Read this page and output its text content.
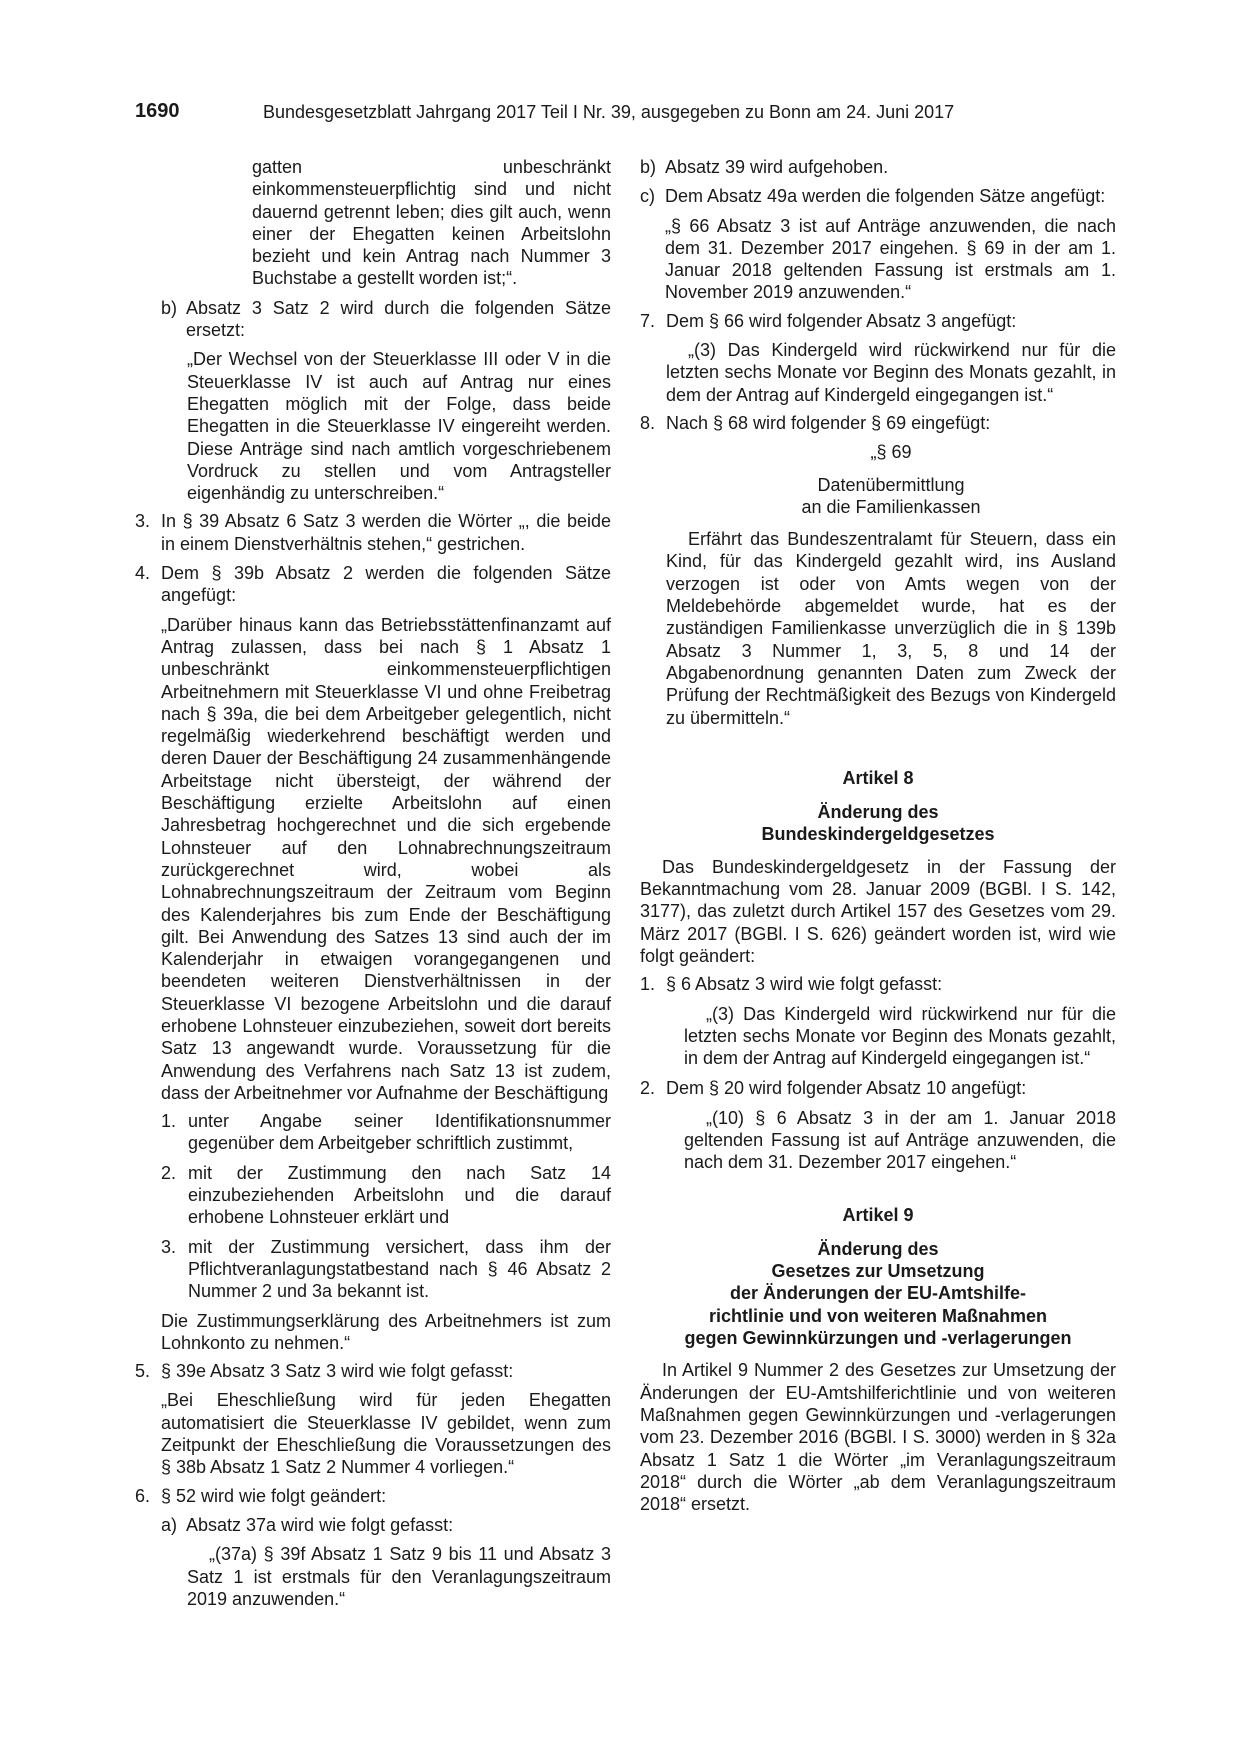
1690	Bundesgesetzblatt Jahrgang 2017 Teil I Nr. 39, ausgegeben zu Bonn am 24. Juni 2017

gatten unbeschränkt einkommensteuerpflichtig sind und nicht dauernd getrennt leben; dies gilt auch, wenn einer der Ehegatten keinen Arbeitslohn bezieht und kein Antrag nach Nummer 3 Buchstabe a gestellt worden ist;“.

b) Absatz 3 Satz 2 wird durch die folgenden Sätze ersetzt:

„Der Wechsel von der Steuerklasse III oder V in die Steuerklasse IV ist auch auf Antrag nur eines Ehegatten möglich mit der Folge, dass beide Ehegatten in die Steuerklasse IV eingereiht werden. Diese Anträge sind nach amtlich vorgeschriebenem Vordruck zu stellen und vom Antragsteller eigenhändig zu unterschreiben.“

3. In § 39 Absatz 6 Satz 3 werden die Wörter „, die beide in einem Dienstverhältnis stehen,“ gestrichen.
4. Dem § 39b Absatz 2 werden die folgenden Sätze angefügt:

„Darüber hinaus kann das Betriebsstättenfinanzamt auf Antrag zulassen, dass bei nach § 1 Absatz 1 unbeschränkt einkommensteuerpflichtigen Arbeitnehmern mit Steuerklasse VI und ohne Freibetrag nach § 39a, die bei dem Arbeitgeber gelegentlich, nicht regelmäßig wiederkehrend beschäftigt werden und deren Dauer der Beschäftigung 24 zusammenhängende Arbeitstage nicht übersteigt, der während der Beschäftigung erzielte Arbeitslohn auf einen Jahresbetrag hochgerechnet und die sich ergebende Lohnsteuer auf den Lohnabrechnungszeitraum zurückgerechnet wird, wobei als Lohnabrechnungszeitraum der Zeitraum vom Beginn des Kalenderjahres bis zum Ende der Beschäftigung gilt. Bei Anwendung des Satzes 13 sind auch der im Kalenderjahr in etwaigen vorangegangenen und beendeten weiteren Dienstverhältnissen in der Steuerklasse VI bezogene Arbeitslohn und die darauf erhobene Lohnsteuer einzubeziehen, soweit dort bereits Satz 13 angewandt wurde. Voraussetzung für die Anwendung des Verfahrens nach Satz 13 ist zudem, dass der Arbeitnehmer vor Aufnahme der Beschäftigung

1. unter Angabe seiner Identifikationsnummer gegenüber dem Arbeitgeber schriftlich zustimmt,
2. mit der Zustimmung den nach Satz 14 einzubeziehenden Arbeitslohn und die darauf erhobene Lohnsteuer erklärt und
3. mit der Zustimmung versichert, dass ihm der Pflichtveranlagungstatbestand nach § 46 Absatz 2 Nummer 2 und 3a bekannt ist.

Die Zustimmungserklärung des Arbeitnehmers ist zum Lohnkonto zu nehmen.“

5. § 39e Absatz 3 Satz 3 wird wie folgt gefasst:

„Bei Eheschließung wird für jeden Ehegatten automatisiert die Steuerklasse IV gebildet, wenn zum Zeitpunkt der Eheschließung die Voraussetzungen des § 38b Absatz 1 Satz 2 Nummer 4 vorliegen.“

6. § 52 wird wie folgt geändert:
a) Absatz 37a wird wie folgt gefasst:

„(37a) § 39f Absatz 1 Satz 9 bis 11 und Absatz 3 Satz 1 ist erstmals für den Veranlagungszeitraum 2019 anzuwenden.“

b) Absatz 39 wird aufgehoben.
c) Dem Absatz 49a werden die folgenden Sätze angefügt:

„§ 66 Absatz 3 ist auf Anträge anzuwenden, die nach dem 31. Dezember 2017 eingehen. § 69 in der am 1. Januar 2018 geltenden Fassung ist erstmals am 1. November 2019 anzuwenden.“

7. Dem § 66 wird folgender Absatz 3 angefügt:

„(3) Das Kindergeld wird rückwirkend nur für die letzten sechs Monate vor Beginn des Monats gezahlt, in dem der Antrag auf Kindergeld eingegangen ist.“

8. Nach § 68 wird folgender § 69 eingefügt:

„§ 69

Datenübermittlung

an die Familienkassen

Erfährt das Bundeszentralamt für Steuern, dass ein Kind, für das Kindergeld gezahlt wird, ins Ausland verzogen ist oder von Amts wegen von der Meldebehörde abgemeldet wurde, hat es der zuständigen Familienkasse unverzüglich die in § 139b Absatz 3 Nummer 1, 3, 5, 8 und 14 der Abgabenordnung genannten Daten zum Zweck der Prüfung der Rechtmäßigkeit des Bezugs von Kindergeld zu übermitteln.“

Artikel 8

Änderung des

Bundeskindergeldgesetzes

Das Bundeskindergeldgesetz in der Fassung der Bekanntmachung vom 28. Januar 2009 (BGBl. I S. 142, 3177), das zuletzt durch Artikel 157 des Gesetzes vom 29. März 2017 (BGBl. I S. 626) geändert worden ist, wird wie folgt geändert:

1. § 6 Absatz 3 wird wie folgt gefasst:

„(3) Das Kindergeld wird rückwirkend nur für die letzten sechs Monate vor Beginn des Monats gezahlt, in dem der Antrag auf Kindergeld eingegangen ist.“

2. Dem § 20 wird folgender Absatz 10 angefügt:

„(10) § 6 Absatz 3 in der am 1. Januar 2018 geltenden Fassung ist auf Anträge anzuwenden, die nach dem 31. Dezember 2017 eingehen.“

Artikel 9

Änderung des

Gesetzes zur Umsetzung

der Änderungen der EU-Amtshilfe-

richtlinie und von weiteren Maßnahmen

gegen Gewinnkürzungen und -verlagerungen

In Artikel 9 Nummer 2 des Gesetzes zur Umsetzung der Änderungen der EU-Amtshilferichtlinie und von weiteren Maßnahmen gegen Gewinnkürzungen und -verlagerungen vom 23. Dezember 2016 (BGBl. I S. 3000) werden in § 32a Absatz 1 Satz 1 die Wörter „im Veranlagungszeitraum 2018“ durch die Wörter „ab dem Veranlagungszeitraum 2018“ ersetzt.
